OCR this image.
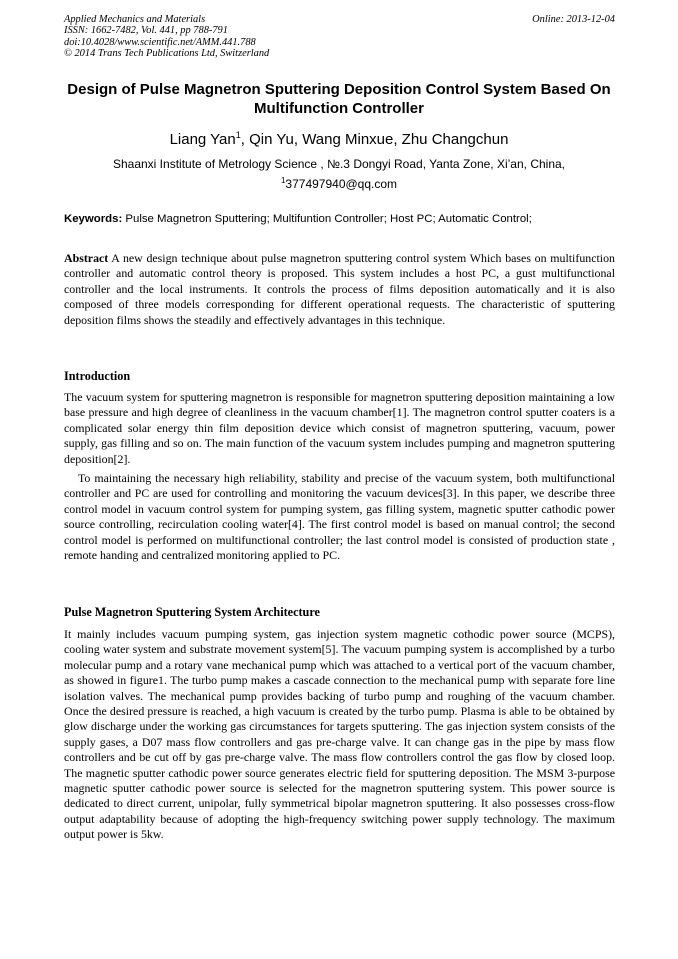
Applied Mechanics and Materials
ISSN: 1662-7482, Vol. 441, pp 788-791
doi:10.4028/www.scientific.net/AMM.441.788
© 2014 Trans Tech Publications Ltd, Switzerland
Online: 2013-12-04
Design of Pulse Magnetron Sputtering Deposition Control System Based On Multifunction Controller
Liang Yan$^1$, Qin Yu, Wang Minxue, Zhu Changchun
Shaanxi Institute of Metrology Science , №.3 Dongyi Road, Yanta Zone, Xi’an, China,
$^1$377497940@qq.com
Keywords: Pulse Magnetron Sputtering; Multifuntion Controller; Host PC; Automatic Control;

Abstract A new design technique about pulse magnetron sputtering control system Which bases on multifunction controller and automatic control theory is proposed. This system includes a host PC, a gust multifunctional controller and the local instruments. It controls the process of films deposition automatically and it is also composed of three models corresponding for different operational requests. The characteristic of sputtering deposition films shows the steadily and effectively advantages in this technique.

Introduction

The vacuum system for sputtering magnetron is responsible for magnetron sputtering deposition maintaining a low base pressure and high degree of cleanliness in the vacuum chamber[1]. The magnetron control sputter coaters is a complicated solar energy thin film deposition device which consist of magnetron sputtering, vacuum, power supply, gas filling and so on. The main function of the vacuum system includes pumping and magnetron sputtering deposition[2].

To maintaining the necessary high reliability, stability and precise of the vacuum system, both multifunctional controller and PC are used for controlling and monitoring the vacuum devices[3]. In this paper, we describe three control model in vacuum control system for pumping system, gas filling system, magnetic sputter cathodic power source controlling, recirculation cooling water[4]. The first control model is based on manual control; the second control model is performed on multifunctional controller; the last control model is consisted of production state , remote handing and centralized monitoring applied to PC.

Pulse Magnetron Sputtering System Architecture

It mainly includes vacuum pumping system, gas injection system magnetic cothodic power source (MCPS), cooling water system and substrate movement system[5]. The vacuum pumping system is accomplished by a turbo molecular pump and a rotary vane mechanical pump which was attached to a vertical port of the vacuum chamber, as showed in figure1. The turbo pump makes a cascade connection to the mechanical pump with separate fore line isolation valves. The mechanical pump provides backing of turbo pump and roughing of the vacuum chamber. Once the desired pressure is reached, a high vacuum is created by the turbo pump. Plasma is able to be obtained by glow discharge under the working gas circumstances for targets sputtering. The gas injection system consists of the supply gases, a D07 mass flow controllers and gas pre-charge valve. It can change gas in the pipe by mass flow controllers and be cut off by gas pre-charge valve. The mass flow controllers control the gas flow by closed loop. The magnetic sputter cathodic power source generates electric field for sputtering deposition. The MSM 3-purpose magnetic sputter cathodic power source is selected for the magnetron sputtering system. This power source is dedicated to direct current, unipolar, fully symmetrical bipolar magnetron sputtering. It also possesses cross-flow output adaptability because of adopting the high-frequency switching power supply technology. The maximum output power is 5kw.
